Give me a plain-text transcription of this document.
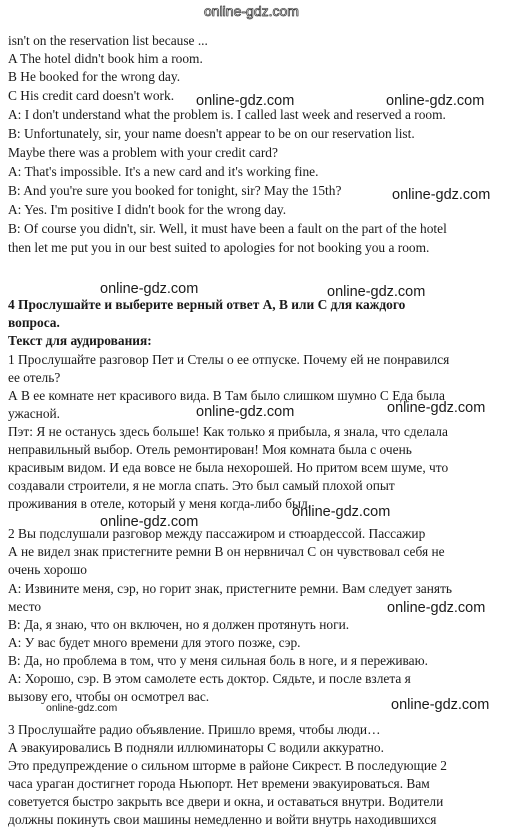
online-gdz.com
isn't on the reservation list because ...
A The hotel didn't book him a room.
B He booked for the wrong day.
C His credit card doesn't work.
A: I don't understand what the problem is. I called last week and reserved a room.
B: Unfortunately, sir, your name doesn't appear to be on our reservation list.
Maybe there was a problem with your credit card?
A: That's impossible. It's a new card and it's working fine.
B: And you're sure you booked for tonight, sir? May the 15th?
A: Yes. I'm positive I didn't book for the wrong day.
B: Of course you didn't, sir. Well, it must have been a fault on the part of the hotel
then let me put you in our best suited to apologies for not booking you a room.
4 Прослушайте и выберите верный ответ А, В или С для каждого
вопроса.
Текст для аудирования:
1 Прослушайте разговор Пет и Стелы о ее отпуске. Почему ей не понравился
ее отель?
А В ее комнате нет красивого вида. В Там было слишком шумно С Еда была
ужасной.
Пэт: Я не останусь здесь больше! Как только я прибыла, я знала, что сделала
неправильный выбор. Отель ремонтирован! Моя комната была с очень
красивым видом. И еда вовсе не была нехорошей. Но притом всем шуме, что
создавали строители, я не могла спать. Это был самый плохой опыт
проживания в отеле, который у меня когда-либо был.
2 Вы подслушали разговор между пассажиром и стюардессой. Пассажир
А не видел знак пристегните ремни В он нервничал С он чувствовал себя не
очень хорошо
А: Извините меня, сэр, но горит знак, пристегните ремни. Вам следует занять
место
В: Да, я знаю, что он включен, но я должен протянуть ноги.
А: У вас будет много времени для этого позже, сэр.
В: Да, но проблема в том, что у меня сильная боль в ноге, и я переживаю.
А: Хорошо, сэр. В этом самолете есть доктор. Сядьте, и после взлета я
вызову его, чтобы он осмотрел вас.
3 Прослушайте радио объявление. Пришло время, чтобы люди…
А эвакуировались В подняли иллюминаторы С водили аккуратно.
Это предупреждение о сильном шторме в районе Сикрест. В последующие 2
часа ураган достигнет города Ньюпорт. Нет времени эвакуироваться. Вам
советуется быстро закрыть все двери и окна, и оставаться внутри. Водители
должны покинуть свои машины немедленно и войти внутрь находившихся
online-gdz.com	online-gdz.com
online-gdz.com
online-gdz.com	online-gdz.com
online-gdz.com	online-gdz.com
online-gdz.com
online-gdz.com
online-gdz.com
online-gdz.com	online-gdz.com
